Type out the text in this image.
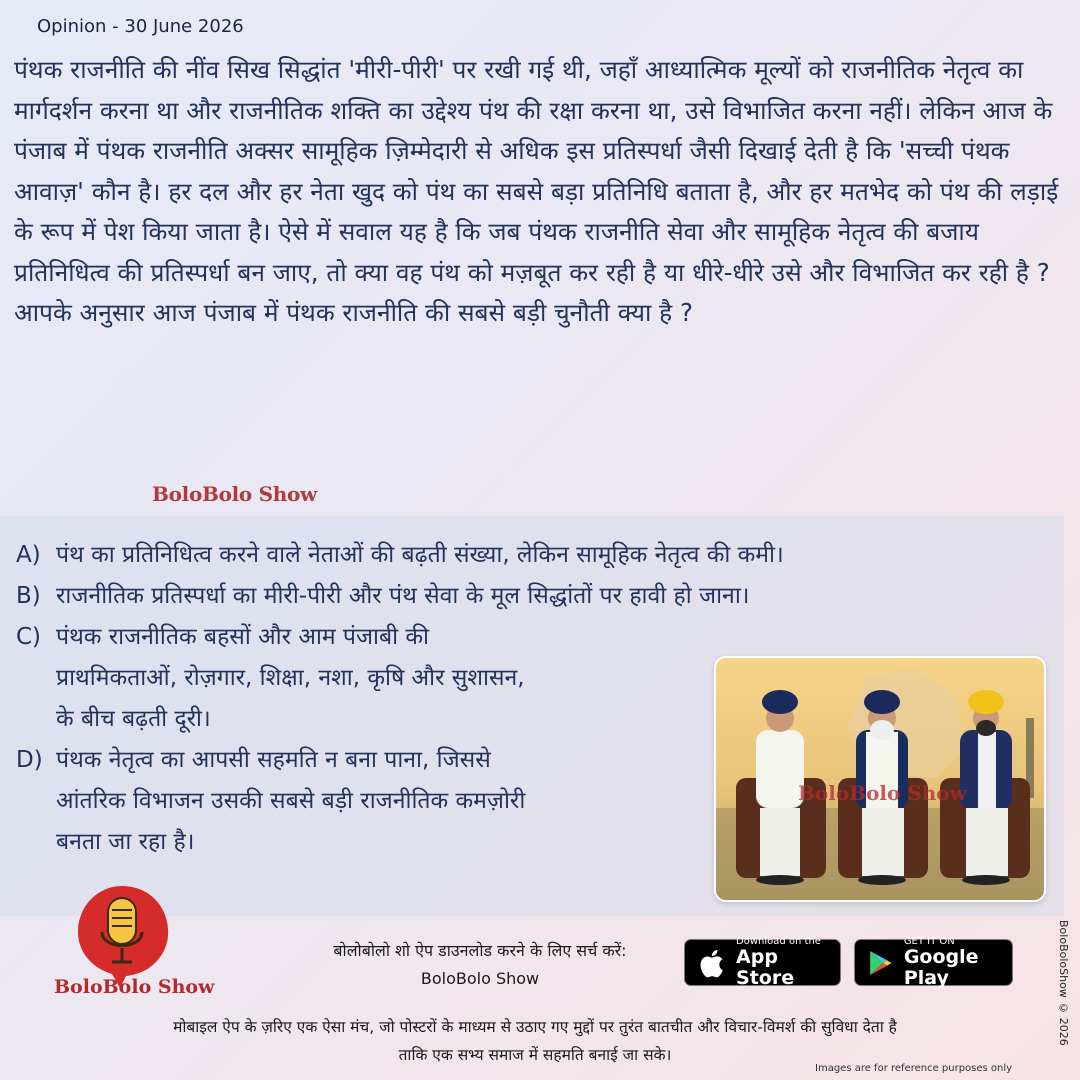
Opinion - 30 June 2026
पंथक राजनीति की नींव सिख सिद्धांत 'मीरी-पीरी' पर रखी गई थी, जहाँ आध्यात्मिक मूल्यों को राजनीतिक नेतृत्व का मार्गदर्शन करना था और राजनीतिक शक्ति का उद्देश्य पंथ की रक्षा करना था, उसे विभाजित करना नहीं। लेकिन आज के पंजाब में पंथक राजनीति अक्सर सामूहिक ज़िम्मेदारी से अधिक इस प्रतिस्पर्धा जैसी दिखाई देती है कि 'सच्ची पंथक आवाज़' कौन है। हर दल और हर नेता खुद को पंथ का सबसे बड़ा प्रतिनिधि बताता है, और हर मतभेद को पंथ की लड़ाई के रूप में पेश किया जाता है। ऐसे में सवाल यह है कि जब पंथक राजनीति सेवा और सामूहिक नेतृत्व की बजाय प्रतिनिधित्व की प्रतिस्पर्धा बन जाए, तो क्या वह पंथ को मज़बूत कर रही है या धीरे-धीरे उसे और विभाजित कर रही है ? आपके अनुसार आज पंजाब में पंथक राजनीति की सबसे बड़ी चुनौती क्या है ?
BoloBolo Show
A) पंथ का प्रतिनिधित्व करने वाले नेताओं की बढ़ती संख्या, लेकिन सामूहिक नेतृत्व की कमी।
B) राजनीतिक प्रतिस्पर्धा का मीरी-पीरी और पंथ सेवा के मूल सिद्धांतों पर हावी हो जाना।
C) पंथक राजनीतिक बहसों और आम पंजाबी की
प्राथमिकताओं, रोज़गार, शिक्षा, नशा, कृषि और सुशासन,
के बीच बढ़ती दूरी।
D) पंथक नेतृत्व का आपसी सहमति न बना पाना, जिससे
आंतरिक विभाजन उसकी सबसे बड़ी राजनीतिक कमज़ोरी
बनता जा रहा है।
BoloBolo Show
BoloBolo Show
बोलोबोलो शो ऐप डाउनलोड करने के लिए सर्च करें:
BoloBolo Show
Download on the
App Store
GET IT ON
Google Play
मोबाइल ऐप के ज़रिए एक ऐसा मंच, जो पोस्टरों के माध्यम से उठाए गए मुद्दों पर तुरंत बातचीत और विचार-विमर्श की सुविधा देता है
ताकि एक सभ्य समाज में सहमति बनाई जा सके।
Images are for reference purposes only
BoloBoloShow © 2026
